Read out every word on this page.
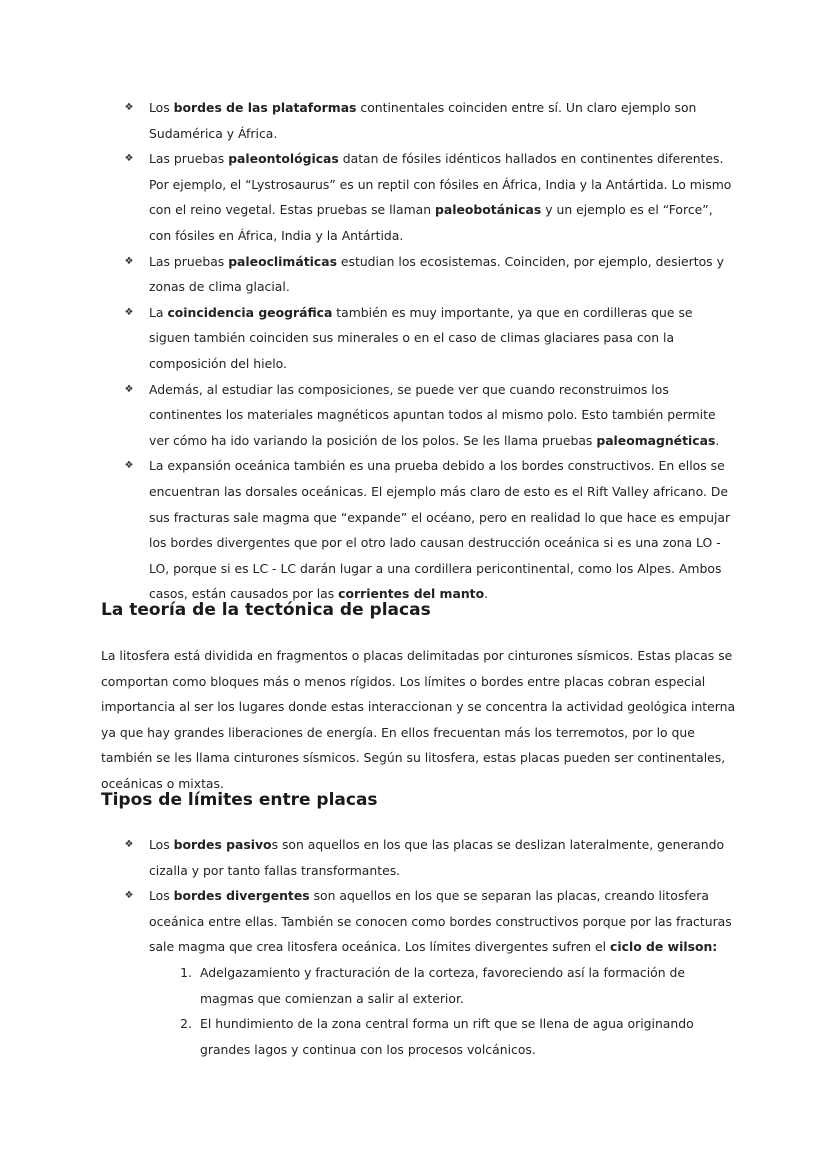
❖ Los bordes de las plataformas continentales coinciden entre sí. Un claro ejemplo son Sudamérica y África.
❖ Las pruebas paleontológicas datan de fósiles idénticos hallados en continentes diferentes. Por ejemplo, el “Lystrosaurus” es un reptil con fósiles en África, India y la Antártida. Lo mismo con el reino vegetal. Estas pruebas se llaman paleobotánicas y un ejemplo es el “Force”, con fósiles en África, India y la Antártida.
❖ Las pruebas paleoclimáticas estudian los ecosistemas. Coinciden, por ejemplo, desiertos y zonas de clima glacial.
❖ La coincidencia geográfica también es muy importante, ya que en cordilleras que se siguen también coinciden sus minerales o en el caso de climas glaciares pasa con la composición del hielo.
❖ Además, al estudiar las composiciones, se puede ver que cuando reconstruimos los continentes los materiales magnéticos apuntan todos al mismo polo. Esto también permite ver cómo ha ido variando la posición de los polos. Se les llama pruebas paleomagnéticas.
❖ La expansión oceánica también es una prueba debido a los bordes constructivos. En ellos se encuentran las dorsales oceánicas. El ejemplo más claro de esto es el Rift Valley africano. De sus fracturas sale magma que “expande” el océano, pero en realidad lo que hace es empujar los bordes divergentes que por el otro lado causan destrucción oceánica si es una zona LO - LO, porque si es LC - LC darán lugar a una cordillera pericontinental, como los Alpes. Ambos casos, están causados por las corrientes del manto.
La teoría de la tectónica de placas

La litosfera está dividida en fragmentos o placas delimitadas por cinturones sísmicos. Estas placas se comportan como bloques más o menos rígidos. Los límites o bordes entre placas cobran especial importancia al ser los lugares donde estas interaccionan y se concentra la actividad geológica interna ya que hay grandes liberaciones de energía. En ellos frecuentan más los terremotos, por lo que también se les llama cinturones sísmicos. Según su litosfera, estas placas pueden ser continentales, oceánicas o mixtas.

Tipos de límites entre placas
❖ Los bordes pasivos son aquellos en los que las placas se deslizan lateralmente, generando cizalla y por tanto fallas transformantes.
❖ Los bordes divergentes son aquellos en los que se separan las placas, creando litosfera oceánica entre ellas. También se conocen como bordes constructivos porque por las fracturas sale magma que crea litosfera oceánica. Los límites divergentes sufren el ciclo de wilson:
1. Adelgazamiento y fracturación de la corteza, favoreciendo así la formación de magmas que comienzan a salir al exterior.
2. El hundimiento de la zona central forma un rift que se llena de agua originando grandes lagos y continua con los procesos volcánicos.
